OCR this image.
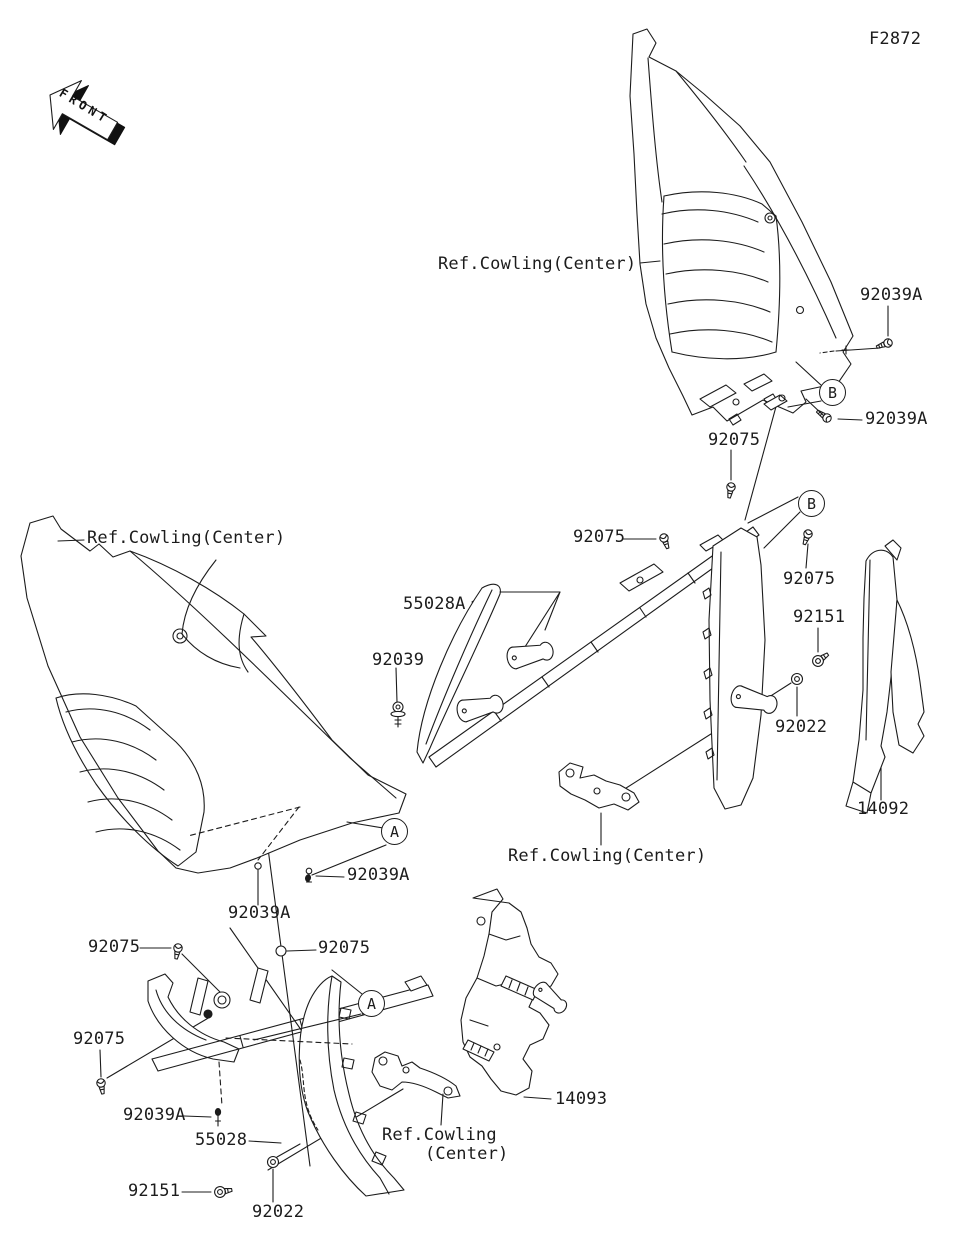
F2872
Ref.Cowling(Center)
92039A
92039A
92075
92075
92075
92151
92022
14092
55028A
92039
Ref.Cowling(Center)
Ref.Cowling(Center)
92039A
92039A
92075
92075
92075
92039A
55028
92151
92022
Ref.Cowling
(Center)
14093
B
B
A
A
FRONT
